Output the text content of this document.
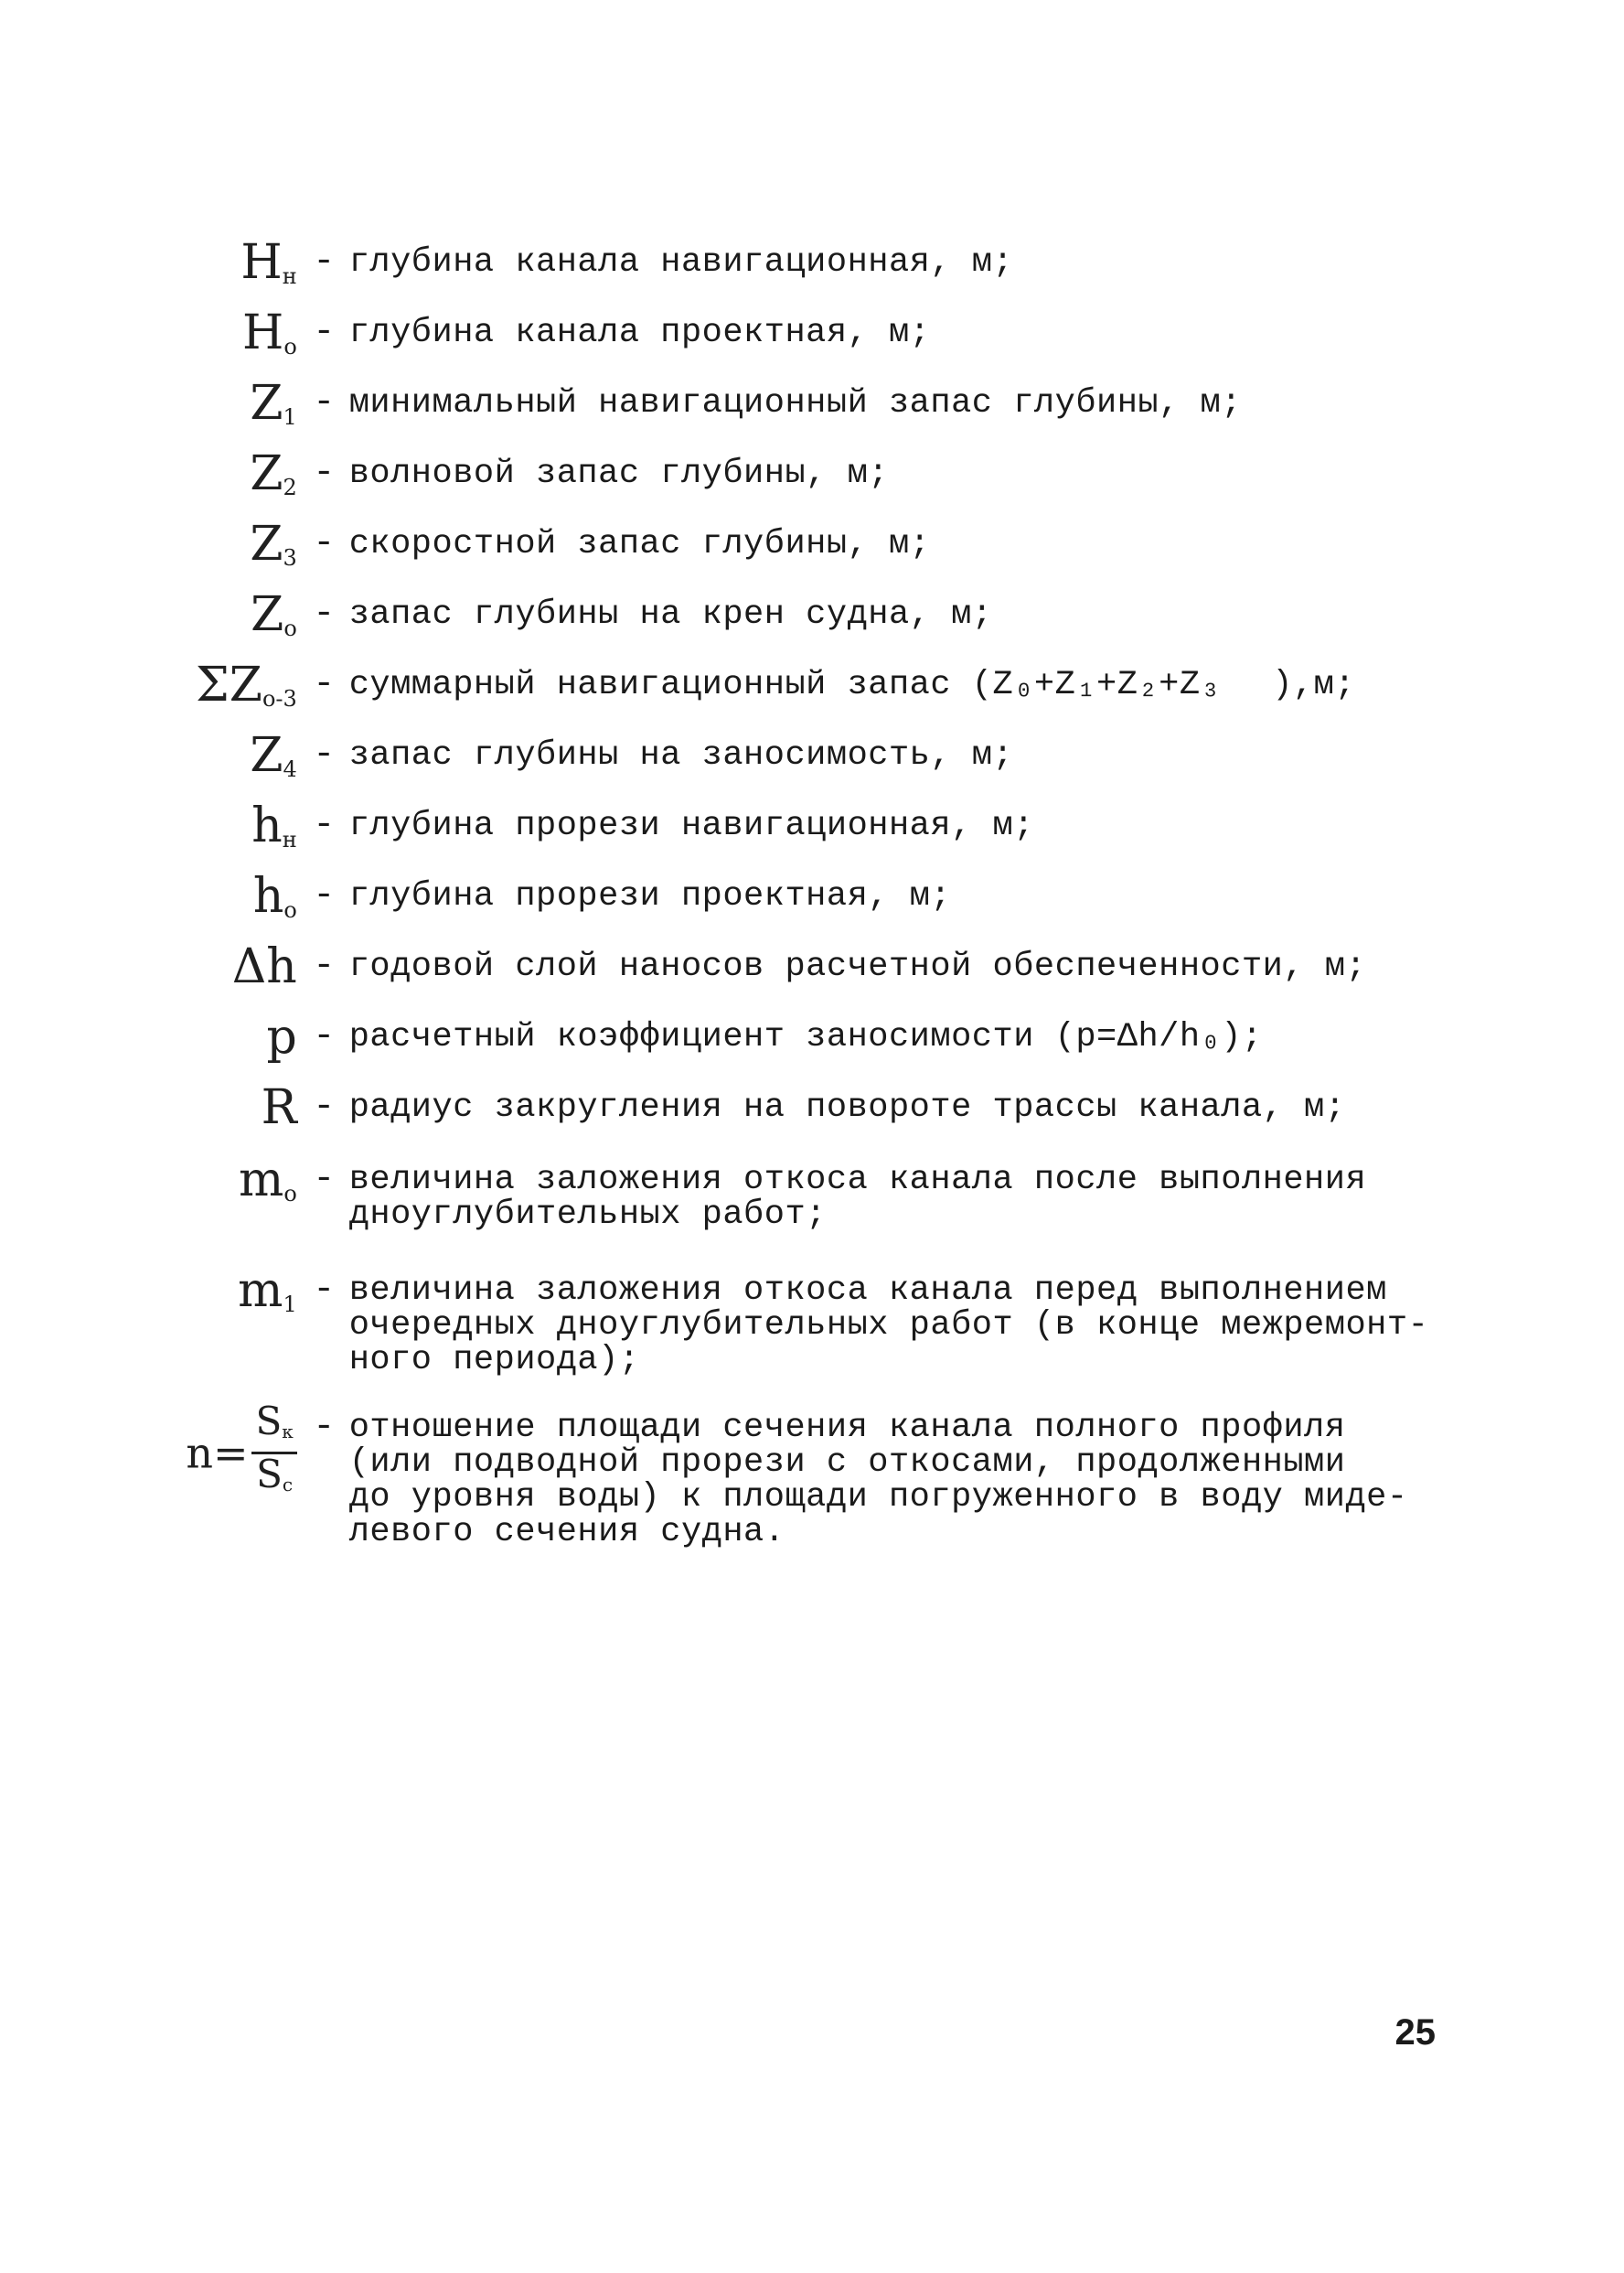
$H_н$ - глубина канала навигационная, м;
$H_o$ - глубина канала проектная, м;
$Z_1$ - минимальный навигационный запас глубины, м;
$Z_2$ - волновой запас глубины, м;
$Z_3$ - скоростной запас глубины, м;
$Z_o$ - запас глубины на крен судна, м;
$\Sigma Z_{o-3}$ - суммарный навигационный запас (Z₀+Z₁+Z₂+Z₃ ),м;
$Z_4$ - запас глубины на заносимость, м;
$h_н$ - глубина прорези навигационная, м;
$h_o$ - глубина прорези проектная, м;
Δh - годовой слой наносов расчетной обеспеченности, м;
p - расчетный коэффициент заносимости (p=Δh/h₀);
R - радиус закругления на повороте трассы канала, м;
$m_o$ - величина заложения откоса канала после выполнения
дноуглубительных работ;
$m_1$ - величина заложения откоса канала перед выполнением
очередных дноуглубительных работ (в конце межремонт-
ного периода);
$n= \frac{S_к}{S_с}$ - отношение площади сечения канала полного профиля
(или подводной прорези с откосами, продолженными
до уровня воды) к площади погруженного в воду миде-
левого сечения судна.
25
